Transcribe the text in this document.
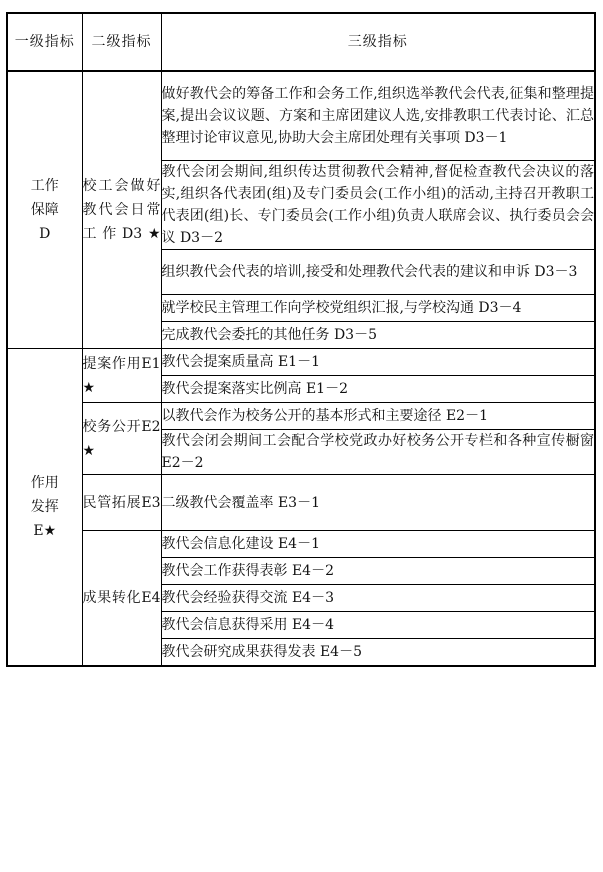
一级指标	二级指标	三级指标
工作保障D	校工会做好教代会日常工作D3★	做好教代会的筹备工作和会务工作,组织选举教代会代表,征集和整理提案,提出会议议题、方案和主席团建议人选,安排教职工代表讨论、汇总整理讨论审议意见,协助大会主席团处理有关事项 D3－1
		教代会闭会期间,组织传达贯彻教代会精神,督促检查教代会决议的落实,组织各代表团(组)及专门委员会(工作小组)的活动,主持召开教职工代表团(组)长、专门委员会(工作小组)负责人联席会议、执行委员会会议 D3－2
		组织教代会代表的培训,接受和处理教代会代表的建议和申诉 D3－3
		就学校民主管理工作向学校党组织汇报,与学校沟通 D3－4
		完成教代会委托的其他任务 D3－5
作用发挥E★	提案作用E1★	教代会提案质量高 E1－1
		教代会提案落实比例高 E1－2

	校务公开E2★	以教代会作为校务公开的基本形式和主要途径 E2－1
		教代会闭会期间工会配合学校党政办好校务公开专栏和各种宣传橱窗 E2－2

	民管拓展E3	二级教代会覆盖率 E3－1

	成果转化E4	教代会信息化建设 E4－1
		教代会工作获得表彰 E4－2
		教代会经验获得交流 E4－3
		教代会信息获得采用 E4－4
		教代会研究成果获得发表 E4－5
